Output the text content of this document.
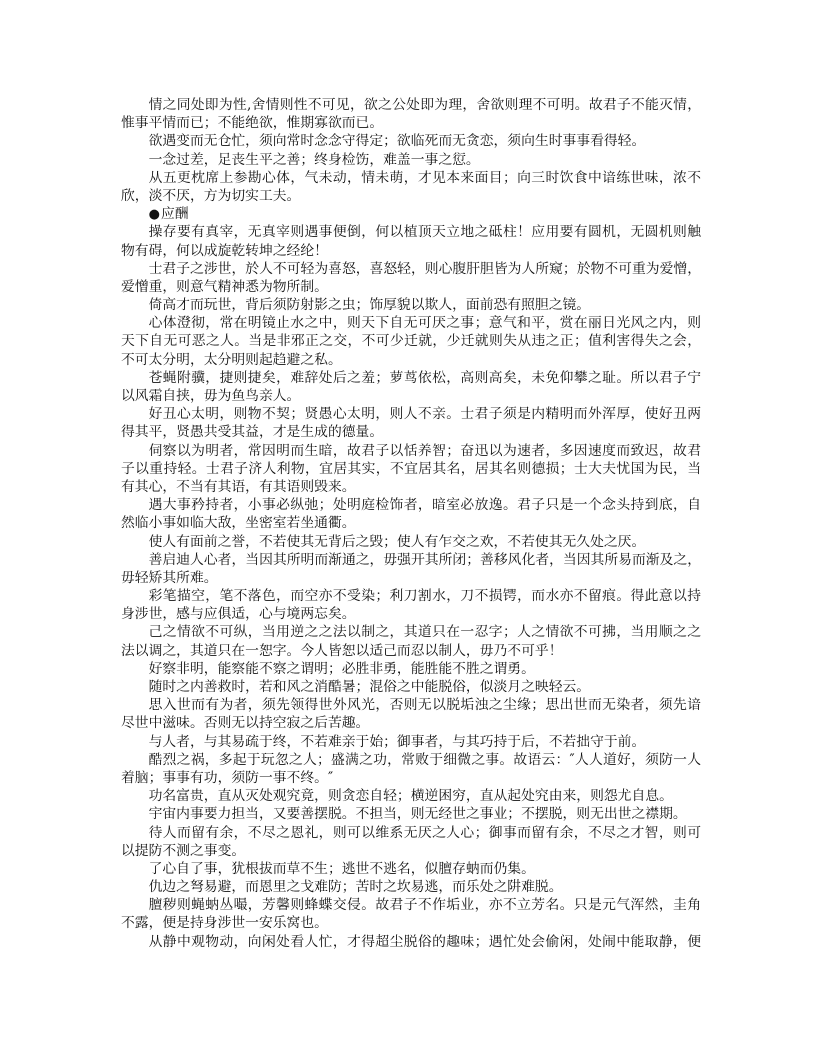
情之同处即为性,舍情则性不可见，欲之公处即为理，舍欲则理不可明。故君子不能灭情，
惟事平情而已；不能绝欲，惟期寡欲而已。
欲遇变而无仓忙，须向常时念念守得定；欲临死而无贪恋，须向生时事事看得轻。
一念过差，足丧生平之善；终身检饬，难盖一事之愆。
从五更枕席上参勘心体，气未动，情未萌，才见本来面目；向三时饮食中谙练世味，浓不
欣，淡不厌，方为切实工夫。
●应酬
操存要有真宰，无真宰则遇事便倒，何以植顶天立地之砥柱！应用要有圆机，无圆机则触
物有碍，何以成旋乾转坤之经纶！
士君子之涉世，於人不可轻为喜怒，喜怒轻，则心腹肝胆皆为人所窥；於物不可重为爱憎，
爱憎重，则意气精神悉为物所制。
倚高才而玩世，背后须防射影之虫；饰厚貌以欺人，面前恐有照胆之镜。
心体澄彻，常在明镜止水之中，则天下自无可厌之事；意气和平，赏在丽日光风之内，则
天下自无可恶之人。当是非邪正之交，不可少迁就，少迁就则失从违之正；值利害得失之会，
不可太分明，太分明则起趋避之私。
苍蝇附骥，捷则捷矣，难辞处后之羞；萝茑依松，高则高矣，未免仰攀之耻。所以君子宁
以风霜自挟，毋为鱼鸟亲人。
好丑心太明，则物不契；贤愚心太明，则人不亲。士君子须是内精明而外浑厚，使好丑两
得其平，贤愚共受其益，才是生成的德量。
伺察以为明者，常因明而生暗，故君子以恬养智；奋迅以为速者，多因速度而致迟，故君
子以重持轻。士君子济人利物，宜居其实，不宜居其名，居其名则德损；士大夫忧国为民，当
有其心，不当有其语，有其语则毁来。
遇大事矜持者，小事必纵弛；处明庭检饰者，暗室必放逸。君子只是一个念头持到底，自
然临小事如临大敌，坐密室若坐通衢。
使人有面前之誉，不若使其无背后之毁；使人有乍交之欢，不若使其无久处之厌。
善启迪人心者，当因其所明而渐通之，毋强开其所闭；善移风化者，当因其所易而渐及之，
毋轻矫其所难。
彩笔描空，笔不落色，而空亦不受染；利刀割水，刀不损锷，而水亦不留痕。得此意以持
身涉世，感与应俱适，心与境两忘矣。
己之情欲不可纵，当用逆之之法以制之，其道只在一忍字；人之情欲不可拂，当用顺之之
法以调之，其道只在一恕字。今人皆恕以适己而忍以制人，毋乃不可乎！
好察非明，能察能不察之谓明；必胜非勇，能胜能不胜之谓勇。
随时之内善救时，若和风之消酷暑；混俗之中能脱俗，似淡月之映轻云。
思入世而有为者，须先领得世外风光，否则无以脱垢浊之尘缘；思出世而无染者，须先谙
尽世中滋味。否则无以持空寂之后苦趣。
与人者，与其易疏于终，不若难亲于始；御事者，与其巧持于后，不若拙守于前。
酷烈之祸，多起于玩忽之人；盛满之功，常败于细微之事。故语云：″人人道好，须防一人
着脑；事事有功，须防一事不终。″
功名富贵，直从灭处观究竟，则贪恋自轻；横逆困穷，直从起处究由来，则怨尤自息。
宇宙内事要力担当，又要善摆脱。不担当，则无经世之事业；不摆脱，则无出世之襟期。
待人而留有余，不尽之恩礼，则可以维系无厌之人心；御事而留有余，不尽之才智，则可
以提防不测之事变。
了心自了事，犹根拔而草不生；逃世不逃名，似膻存蚋而仍集。
仇边之弩易避，而恩里之戈难防；苦时之坎易逃，而乐处之阱难脱。
膻秽则蝇蚋丛嘬，芳馨则蜂蝶交侵。故君子不作垢业，亦不立芳名。只是元气浑然，圭角
不露，便是持身涉世一安乐窝也。
从静中观物动，向闲处看人忙，才得超尘脱俗的趣味；遇忙处会偷闲，处闹中能取静，便
